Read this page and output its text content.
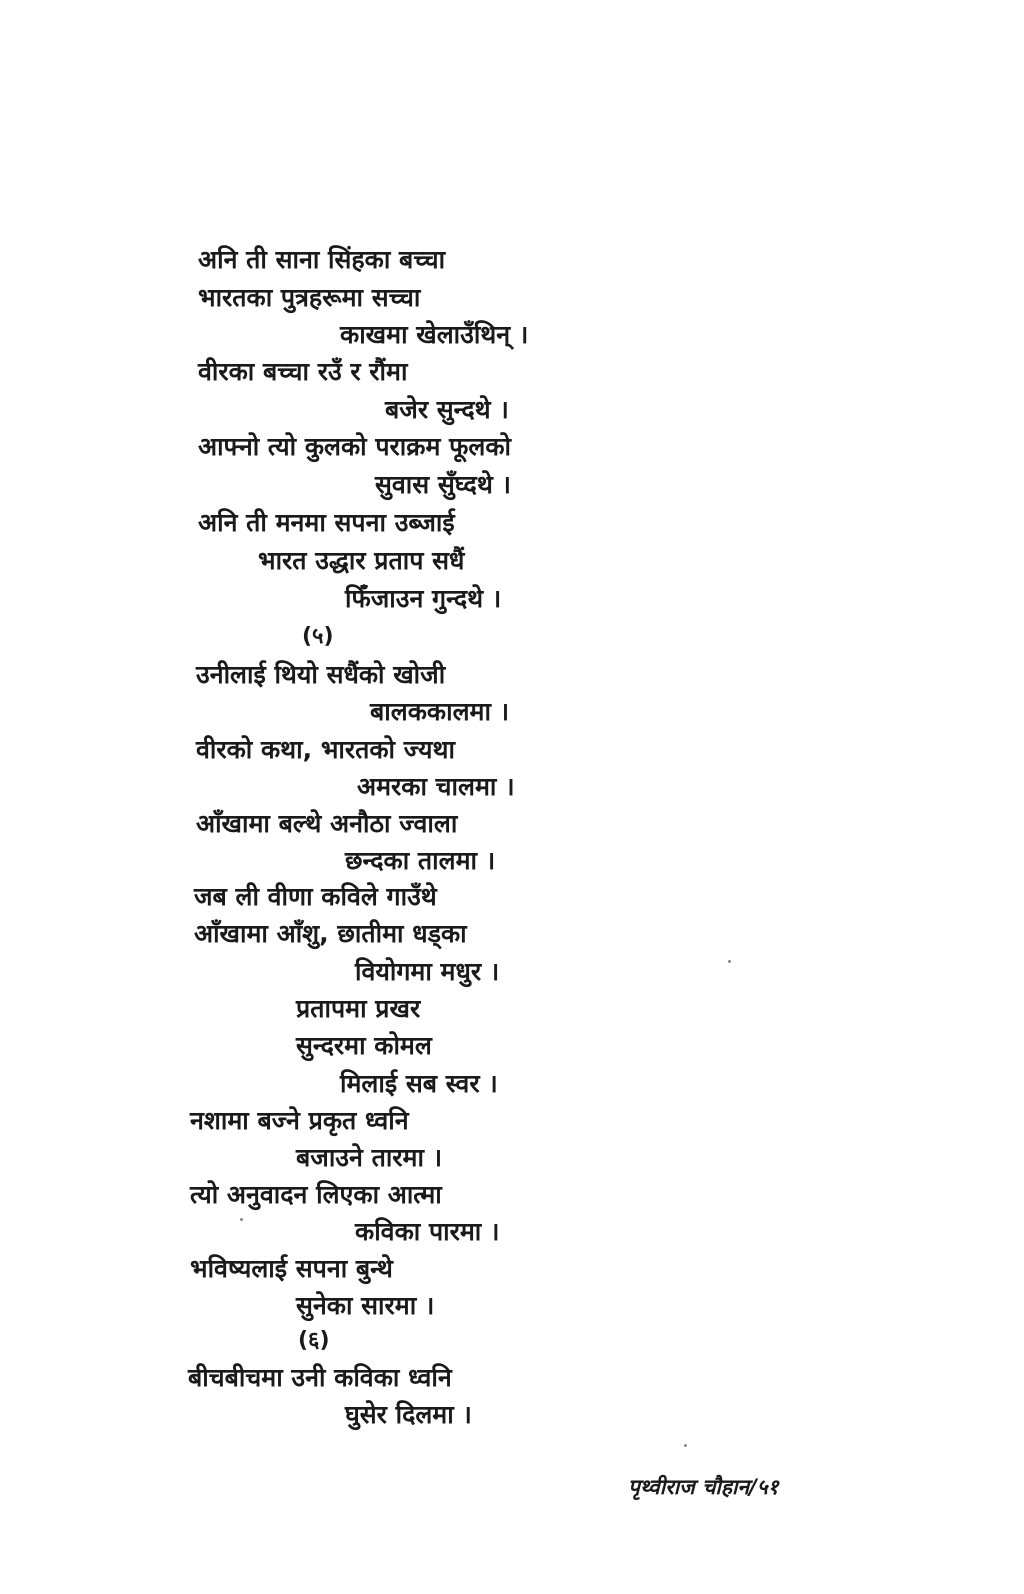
अनि ती साना सिंहका बच्चा
भारतका पुत्रहरूमा सच्चा
काखमा खेलाउँथिन् ।
वीरका बच्चा रउँ र रौंमा
बजेर सुन्दथे ।
आफ्नो त्यो कुलको पराक्रम फूलको
सुवास सुँघ्दथे ।
अनि ती मनमा सपना उब्जाई
भारत उद्धार प्रताप सधैं
फिँजाउन गुन्दथे ।
(५)
उनीलाई थियो सधैंको खोजी
बालककालमा ।
वीरको कथा, भारतको ज्यथा
अमरका चालमा ।
आँखामा बल्थे अनौठा ज्वाला
छन्दका तालमा ।
जब ली वीणा कविले गाउँथे
आँखामा आँशु, छातीमा धड्का
वियोगमा मधुर ।
प्रतापमा प्रखर
सुन्दरमा कोमल
मिलाई सब स्वर ।
नशामा बज्ने प्रकृत ध्वनि
बजाउने तारमा ।
त्यो अनुवादन लिएका आत्मा
कविका पारमा ।
भविष्यलाई सपना बुन्थे
सुनेका सारमा ।
(६)
बीचबीचमा उनी कविका ध्वनि
घुसेर दिलमा ।
पृथ्वीराज चौहान/५१
